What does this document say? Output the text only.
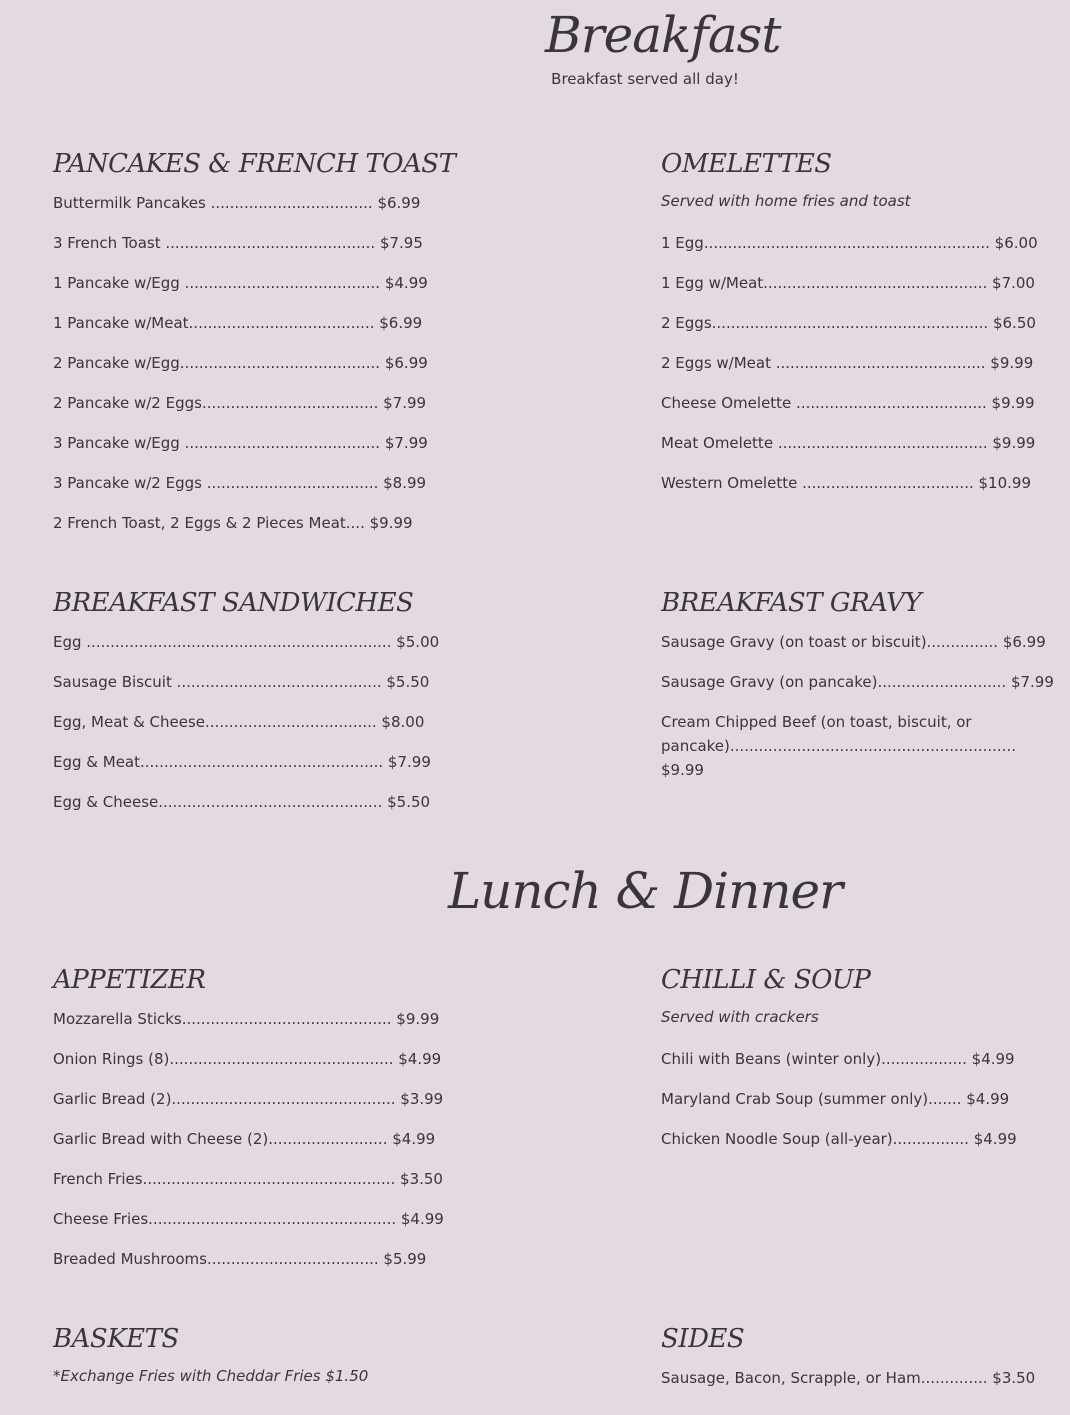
Breakfast

Breakfast served all day!

PANCAKES & FRENCH TOAST
Buttermilk Pancakes .................................. $6.99
3 French Toast ............................................ $7.95
1 Pancake w/Egg ......................................... $4.99
1 Pancake w/Meat....................................... $6.99
2 Pancake w/Egg.......................................... $6.99
2 Pancake w/2 Eggs..................................... $7.99
3 Pancake w/Egg ......................................... $7.99
3 Pancake w/2 Eggs .................................... $8.99
2 French Toast, 2 Eggs & 2 Pieces Meat.... $9.99
OMELETTES

Served with home fries and toast

1 Egg............................................................ $6.00
1 Egg w/Meat............................................... $7.00
2 Eggs.......................................................... $6.50
2 Eggs w/Meat ............................................ $9.99
Cheese Omelette ........................................ $9.99
Meat Omelette ............................................ $9.99
Western Omelette .................................... $10.99
BREAKFAST SANDWICHES
Egg ................................................................ $5.00
Sausage Biscuit ........................................... $5.50
Egg, Meat & Cheese.................................... $8.00
Egg & Meat................................................... $7.99
Egg & Cheese............................................... $5.50
BREAKFAST GRAVY
Sausage Gravy (on toast or biscuit)............... $6.99
Sausage Gravy (on pancake)........................... $7.99
Cream Chipped Beef (on toast, biscuit, or pancake)............................................................ $9.99
Lunch & Dinner
APPETIZER
Mozzarella Sticks............................................ $9.99
Onion Rings (8)............................................... $4.99
Garlic Bread (2)............................................... $3.99
Garlic Bread with Cheese (2)......................... $4.99
French Fries..................................................... $3.50
Cheese Fries.................................................... $4.99
Breaded Mushrooms.................................... $5.99
CHILLI & SOUP

Served with crackers

Chili with Beans (winter only).................. $4.99
Maryland Crab Soup (summer only)....... $4.99
Chicken Noodle Soup (all-year)................ $4.99
BASKETS

*Exchange Fries with Cheddar Fries $1.50

SIDES
Sausage, Bacon, Scrapple, or Ham.............. $3.50
